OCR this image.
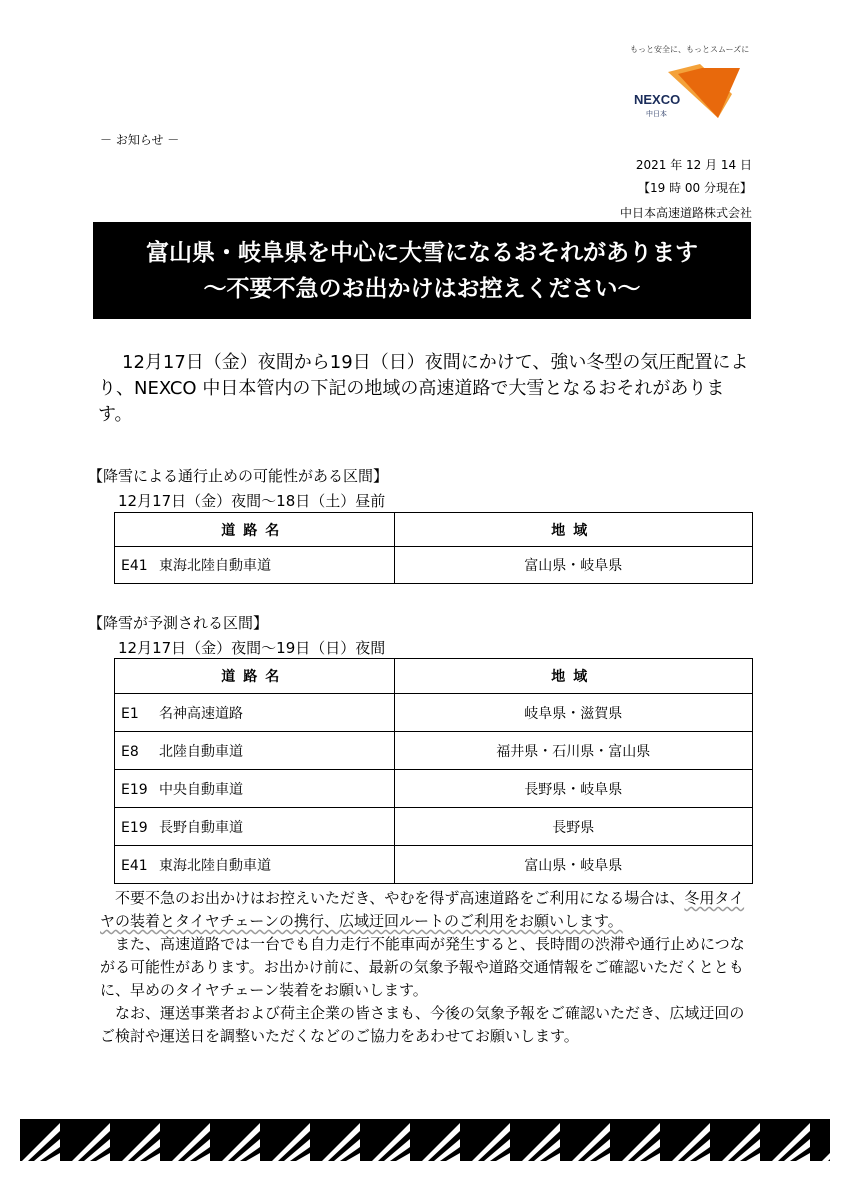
もっと安全に、もっとスムーズに
NEXCO
中日本
－ お知らせ －
2021 年 12 月 14 日
【19 時 00 分現在】
中日本高速道路株式会社
富山県・岐阜県を中心に大雪になるおそれがあります
～不要不急のお出かけはお控えください～

12月17日（金）夜間から19日（日）夜間にかけて、強い冬型の気圧配置により、NEXCO 中日本管内の下記の地域の高速道路で大雪となるおそれがあります。

【降雪による通行止めの可能性がある区間】
12月17日（金）夜間～18日（土）昼前
道路名	地域
E41 東海北陸自動車道	富山県・岐阜県
【降雪が予測される区間】
12月17日（金）夜間～19日（日）夜間
道路名	地域
E1 名神高速道路	岐阜県・滋賀県
E8 北陸自動車道	福井県・石川県・富山県
E19 中央自動車道	長野県・岐阜県
E19 長野自動車道	長野県
E41 東海北陸自動車道	富山県・岐阜県

不要不急のお出かけはお控えいただき、やむを得ず高速道路をご利用になる場合は、冬用タイヤの装着とタイヤチェーンの携行、広域迂回ルートのご利用をお願いします。

また、高速道路では一台でも自力走行不能車両が発生すると、長時間の渋滞や通行止めにつながる可能性があります。お出かけ前に、最新の気象予報や道路交通情報をご確認いただくとともに、早めのタイヤチェーン装着をお願いします。

なお、運送事業者および荷主企業の皆さまも、今後の気象予報をご確認いただき、広域迂回のご検討や運送日を調整いただくなどのご協力をあわせてお願いします。
